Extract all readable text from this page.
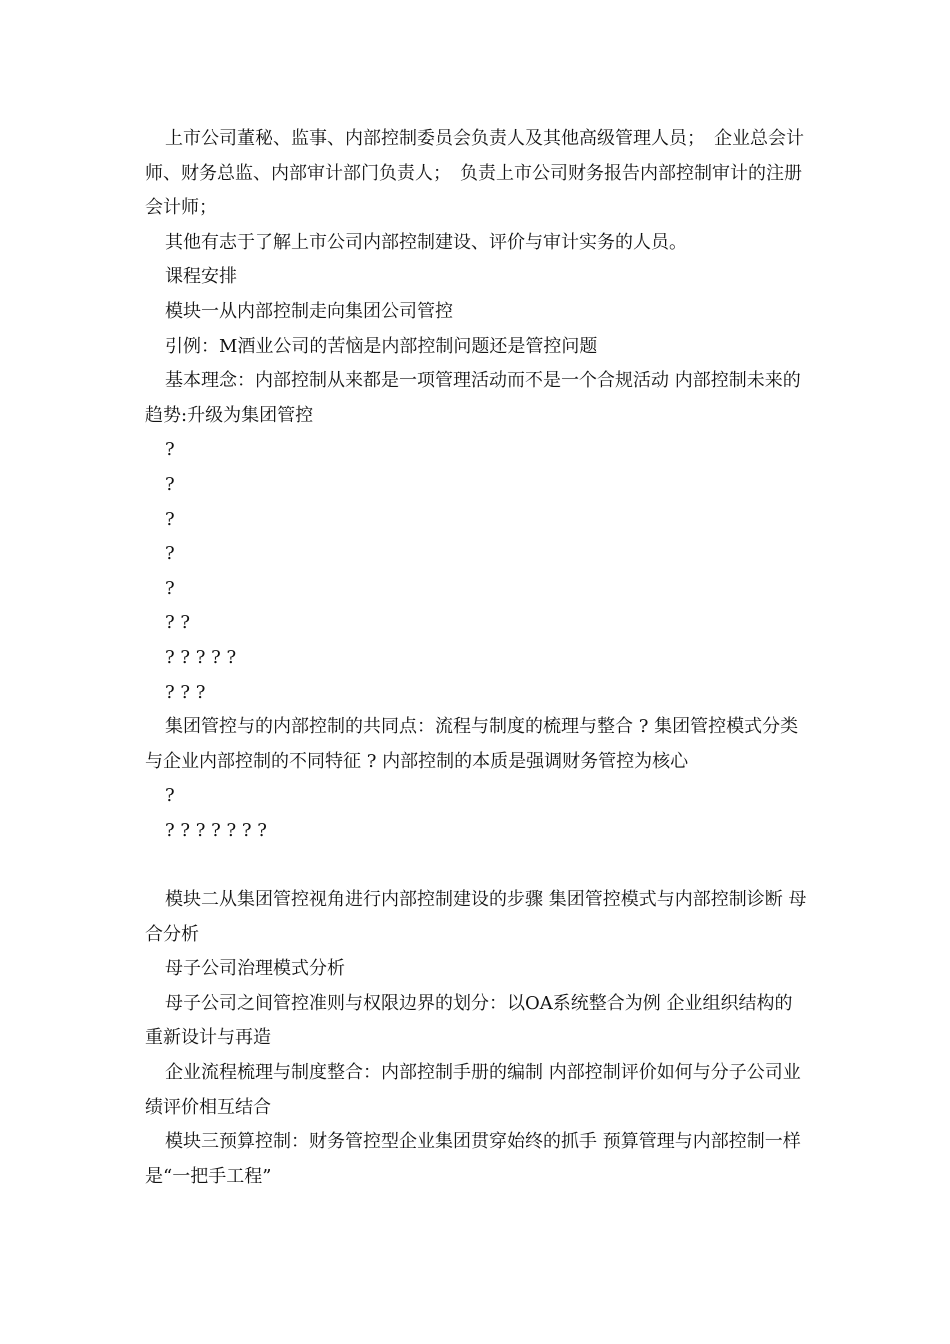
上市公司董秘、监事、内部控制委员会负责人及其他高级管理人员；　企业总会计师、财务总监、内部审计部门负责人；　负责上市公司财务报告内部控制审计的注册会计师；

其他有志于了解上市公司内部控制建设、评价与审计实务的人员。

课程安排

模块一从内部控制走向集团公司管控

引例：M酒业公司的苦恼是内部控制问题还是管控问题

基本理念：内部控制从来都是一项管理活动而不是一个合规活动 内部控制未来的趋势:升级为集团管控

?

?

?

?

?

? ?

? ? ? ? ?

? ? ?

集团管控与的内部控制的共同点：流程与制度的梳理与整合 ? 集团管控模式分类与企业内部控制的不同特征 ? 内部控制的本质是强调财务管控为核心

?

? ? ? ? ? ? ?

模块二从集团管控视角进行内部控制建设的步骤 集团管控模式与内部控制诊断 母合分析

母子公司治理模式分析

母子公司之间管控准则与权限边界的划分：以OA系统整合为例 企业组织结构的重新设计与再造

企业流程梳理与制度整合：内部控制手册的编制 内部控制评价如何与分子公司业绩评价相互结合

模块三预算控制：财务管控型企业集团贯穿始终的抓手 预算管理与内部控制一样是“一把手工程”
